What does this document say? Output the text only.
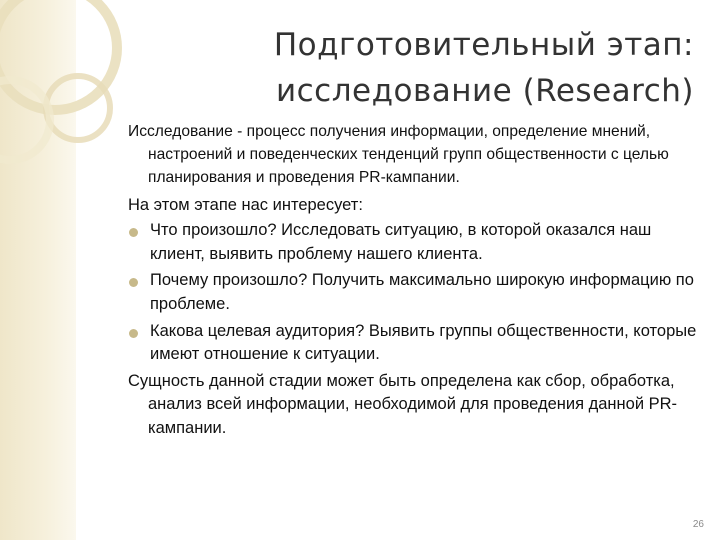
Подготовительный этап:
исследование (Research)

Исследование - процесс получения информации, определение мнений, настроений и поведенческих тенденций групп общественности с целью планирования и проведения PR-кампании.

На этом этапе нас интересует:

Что произошло? Исследовать ситуацию, в которой оказался наш клиент, выявить проблему нашего клиента.
Почему произошло? Получить максимально широкую информацию по проблеме.
Какова целевая аудитория? Выявить группы общественности, которые имеют отношение к ситуации.

Сущность данной стадии может быть определена как сбор, обработка, анализ всей информации, необходимой для проведения данной PR-кампании.

26
